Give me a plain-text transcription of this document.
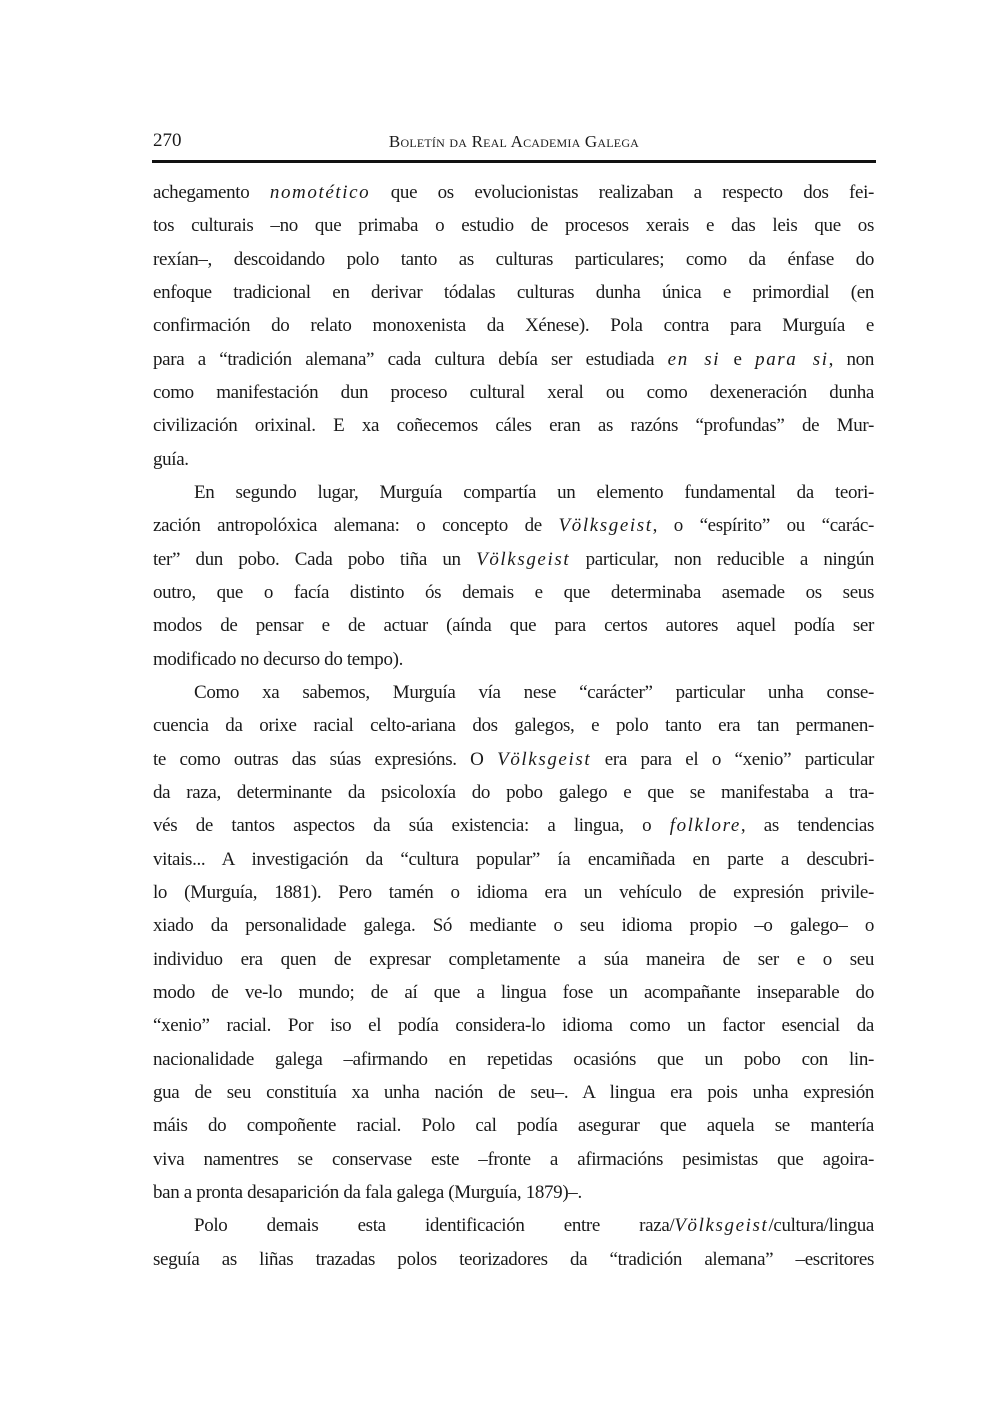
270	Boletín da Real Academia Galega
achegamento nomotético que os evolucionistas realizaban a respecto dos fei-
tos culturais –no que primaba o estudio de procesos xerais e das leis que os
rexían–, descoidando polo tanto as culturas particulares; como da énfase do
enfoque tradicional en derivar tódalas culturas dunha única e primordial (en
confirmación do relato monoxenista da Xénese). Pola contra para Murguía e
para a “tradición alemana” cada cultura debía ser estudiada en si e para si, non
como manifestación dun proceso cultural xeral ou como dexeneración dunha
civilización orixinal. E xa coñecemos cáles eran as razóns “profundas” de Mur-
guía.
En segundo lugar, Murguía compartía un elemento fundamental da teori-
zación antropolóxica alemana: o concepto de Völksgeist, o “espírito” ou “carác-
ter” dun pobo. Cada pobo tiña un Völksgeist particular, non reducible a ningún
outro, que o facía distinto ós demais e que determinaba asemade os seus
modos de pensar e de actuar (aínda que para certos autores aquel podía ser
modificado no decurso do tempo).
Como xa sabemos, Murguía vía nese “carácter” particular unha conse-
cuencia da orixe racial celto-ariana dos galegos, e polo tanto era tan permanen-
te como outras das súas expresións. O Völksgeist era para el o “xenio” particular
da raza, determinante da psicoloxía do pobo galego e que se manifestaba a tra-
vés de tantos aspectos da súa existencia: a lingua, o folklore, as tendencias
vitais... A investigación da “cultura popular” ía encamiñada en parte a descubri-
lo (Murguía, 1881). Pero tamén o idioma era un vehículo de expresión privile-
xiado da personalidade galega. Só mediante o seu idioma propio –o galego– o
individuo era quen de expresar completamente a súa maneira de ser e o seu
modo de ve-lo mundo; de aí que a lingua fose un acompañante inseparable do
“xenio” racial. Por iso el podía considera-lo idioma como un factor esencial da
nacionalidade galega –afirmando en repetidas ocasións que un pobo con lin-
gua de seu constituía xa unha nación de seu–. A lingua era pois unha expresión
máis do compoñente racial. Polo cal podía asegurar que aquela se mantería
viva namentres se conservase este –fronte a afirmacións pesimistas que agoira-
ban a pronta desaparición da fala galega (Murguía, 1879)–.
Polo demais esta identificación entre raza/Völksgeist/cultura/lingua
seguía as liñas trazadas polos teorizadores da “tradición alemana” –escritores
